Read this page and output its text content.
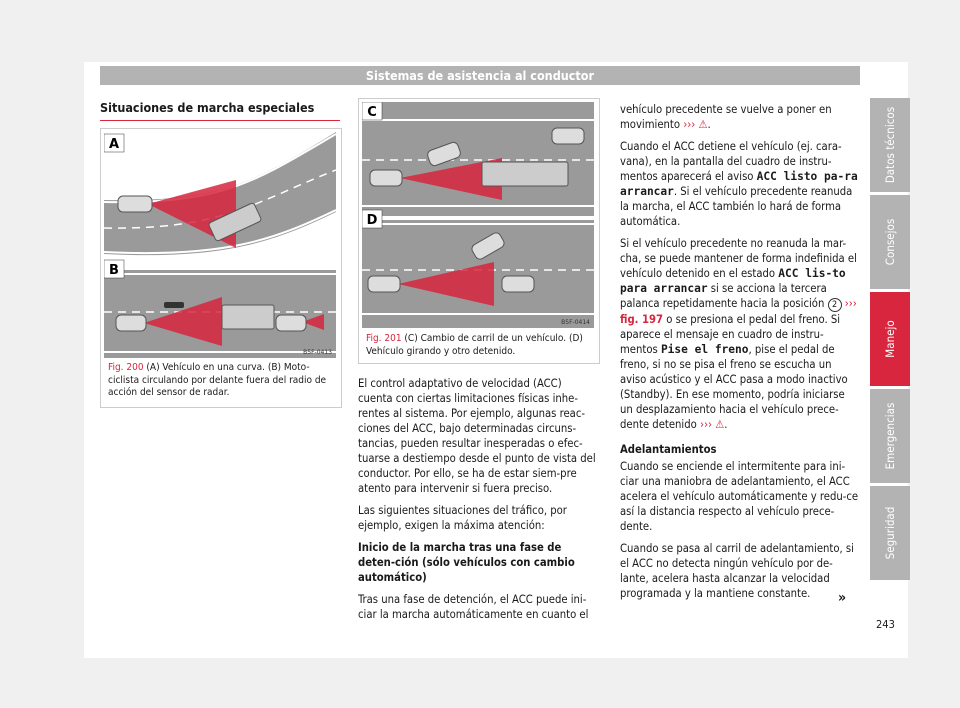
Sistemas de asistencia al conductor
Datos técnicos
Consejos
Manejo
Emergencias
Seguridad
Situaciones de marcha especiales
A
B
B5F-0413
Fig. 200 (A) Vehículo en una curva. (B) Moto-ciclista circulando por delante fuera del radio de acción del sensor de radar.
C
D
B5F-0414
Fig. 201 (C) Cambio de carril de un vehículo. (D) Vehículo girando y otro detenido.

El control adaptativo de velocidad (ACC) cuenta con ciertas limitaciones físicas inhe-rentes al sistema. Por ejemplo, algunas reac-ciones del ACC, bajo determinadas circuns-tancias, pueden resultar inesperadas o efec-tuarse a destiempo desde el punto de vista del conductor. Por ello, se ha de estar siem-pre atento para intervenir si fuera preciso.

Las siguientes situaciones del tráfico, por ejemplo, exigen la máxima atención:

Inicio de la marcha tras una fase de deten-ción (sólo vehículos con cambio automático)

Tras una fase de detención, el ACC puede ini-ciar la marcha automáticamente en cuanto el

vehículo precedente se vuelve a poner en movimiento ››› ⚠.

Cuando el ACC detiene el vehículo (ej. cara-vana), en la pantalla del cuadro de instru-mentos aparecerá el aviso ACC listo pa-ra arrancar. Si el vehículo precedente reanuda la marcha, el ACC también lo hará de forma automática.

Si el vehículo precedente no reanuda la mar-cha, se puede mantener de forma indefinida el vehículo detenido en el estado ACC lis-to para arrancar si se acciona la tercera palanca repetidamente hacia la posición 2 ››› fig. 197 o se presiona el pedal del freno. Si aparece el mensaje en cuadro de instru-mentos Pise el freno, pise el pedal de freno, si no se pisa el freno se escucha un aviso acústico y el ACC pasa a modo inactivo (Standby). En ese momento, podría iniciarse un desplazamiento hacia el vehículo prece-dente detenido ››› ⚠.

Adelantamientos

Cuando se enciende el intermitente para ini-ciar una maniobra de adelantamiento, el ACC acelera el vehículo automáticamente y redu-ce así la distancia respecto al vehículo prece-dente.

Cuando se pasa al carril de adelantamiento, si el ACC no detecta ningún vehículo por de-lante, acelera hasta alcanzar la velocidad programada y la mantiene constante.	»
243
